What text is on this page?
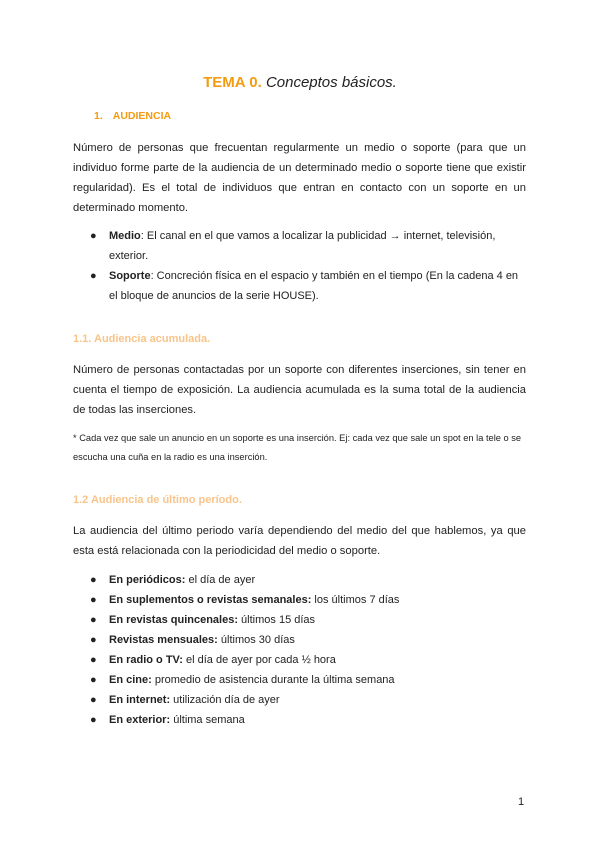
TEMA 0. Conceptos básicos.
1. AUDIENCIA
Número de personas que frecuentan regularmente un medio o soporte (para que un individuo forme parte de la audiencia de un determinado medio o soporte tiene que existir regularidad). Es el total de individuos que entran en contacto con un soporte en un determinado momento.
● Medio: El canal en el que vamos a localizar la publicidad → internet, televisión, exterior.
● Soporte: Concreción física en el espacio y también en el tiempo (En la cadena 4 en el bloque de anuncios de la serie HOUSE).
1.1. Audiencia acumulada.
Número de personas contactadas por un soporte con diferentes inserciones, sin tener en cuenta el tiempo de exposición. La audiencia acumulada es la suma total de la audiencia de todas las inserciones.
* Cada vez que sale un anuncio en un soporte es una inserción. Ej: cada vez que sale un spot en la tele o se escucha una cuña en la radio es una inserción.
1.2 Audiencia de último período.
La audiencia del último periodo varía dependiendo del medio del que hablemos, ya que esta está relacionada con la periodicidad del medio o soporte.
● En periódicos: el día de ayer
● En suplementos o revistas semanales: los últimos 7 días
● En revistas quincenales: últimos 15 días
● Revistas mensuales: últimos 30 días
● En radio o TV: el día de ayer por cada ½ hora
● En cine: promedio de asistencia durante la última semana
● En internet: utilización día de ayer
● En exterior: última semana
1
